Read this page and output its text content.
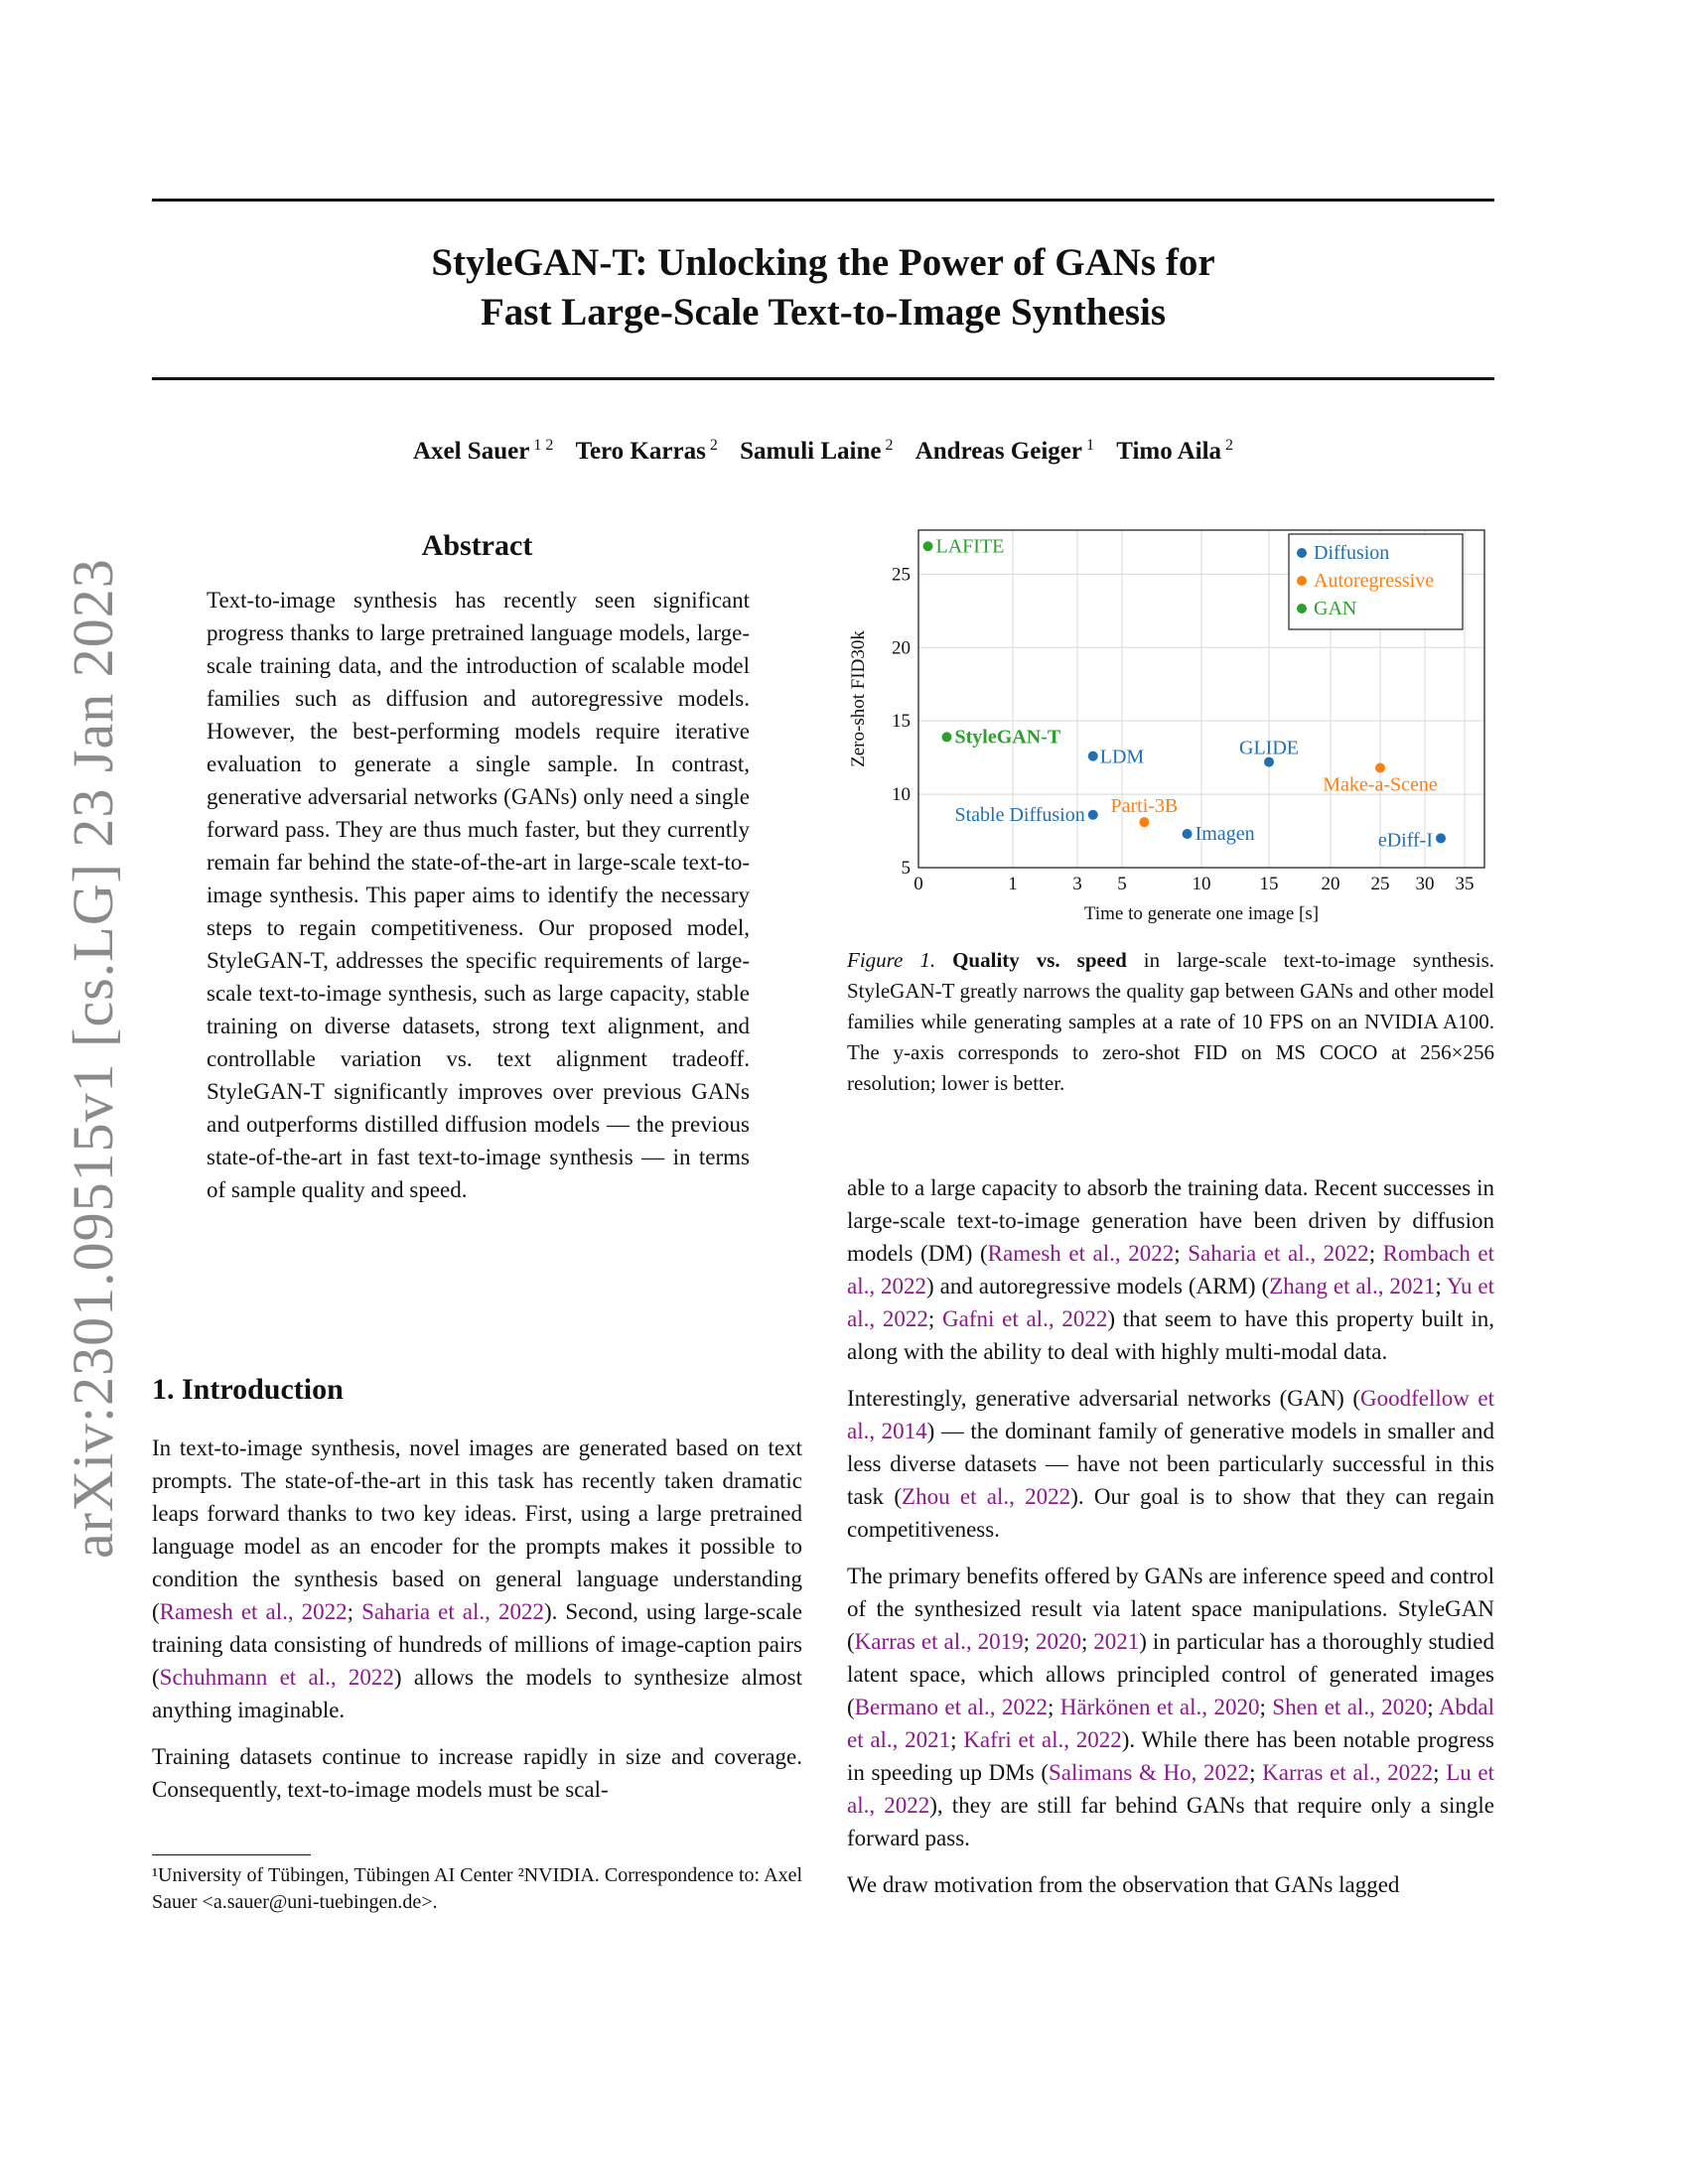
arXiv:2301.09515v1 [cs.LG] 23 Jan 2023
StyleGAN-T: Unlocking the Power of GANs for
Fast Large-Scale Text-to-Image Synthesis
Axel Sauer $^{1 2}$ Tero Karras $^2$ Samuli Laine $^2$ Andreas Geiger $^1$ Timo Aila $^2$
Abstract
Text-to-image synthesis has recently seen significant progress thanks to large pretrained language models, large-scale training data, and the introduction of scalable model families such as diffusion and autoregressive models. However, the best-performing models require iterative evaluation to generate a single sample. In contrast, generative adversarial networks (GANs) only need a single forward pass. They are thus much faster, but they currently remain far behind the state-of-the-art in large-scale text-to-image synthesis. This paper aims to identify the necessary steps to regain competitiveness. Our proposed model, StyleGAN-T, addresses the specific requirements of large-scale text-to-image synthesis, such as large capacity, stable training on diverse datasets, strong text alignment, and controllable variation vs. text alignment tradeoff. StyleGAN-T significantly improves over previous GANs and outperforms distilled diffusion models — the previous state-of-the-art in fast text-to-image synthesis — in terms of sample quality and speed.
1. Introduction

In text-to-image synthesis, novel images are generated based on text prompts. The state-of-the-art in this task has recently taken dramatic leaps forward thanks to two key ideas. First, using a large pretrained language model as an encoder for the prompts makes it possible to condition the synthesis based on general language understanding (Ramesh et al., 2022; Saharia et al., 2022). Second, using large-scale training data consisting of hundreds of millions of image-caption pairs (Schuhmann et al., 2022) allows the models to synthesize almost anything imaginable.

Training datasets continue to increase rapidly in size and coverage. Consequently, text-to-image models must be scal-

¹University of Tübingen, Tübingen AI Center ²NVIDIA. Correspondence to: Axel Sauer <a.sauer@uni-tuebingen.de>.
0	1	3 5	10	15 20 25 30 35
5
10
15
20
25
Time to generate one image [s]
Zero-shot FID30k	LDM	GLIDE
Stable Diffusion
Imagen	eDiff-I
Parti-3B
Make-a-Scene
LAFITE
StyleGAN-T
Diffusion
Autoregressive
GAN
Figure 1. Quality vs. speed in large-scale text-to-image synthesis. StyleGAN-T greatly narrows the quality gap between GANs and other model families while generating samples at a rate of 10 FPS on an NVIDIA A100. The y-axis corresponds to zero-shot FID on MS COCO at 256×256 resolution; lower is better.

able to a large capacity to absorb the training data. Recent successes in large-scale text-to-image generation have been driven by diffusion models (DM) (Ramesh et al., 2022; Saharia et al., 2022; Rombach et al., 2022) and autoregressive models (ARM) (Zhang et al., 2021; Yu et al., 2022; Gafni et al., 2022) that seem to have this property built in, along with the ability to deal with highly multi-modal data.

Interestingly, generative adversarial networks (GAN) (Goodfellow et al., 2014) — the dominant family of generative models in smaller and less diverse datasets — have not been particularly successful in this task (Zhou et al., 2022). Our goal is to show that they can regain competitiveness.

The primary benefits offered by GANs are inference speed and control of the synthesized result via latent space manipulations. StyleGAN (Karras et al., 2019; 2020; 2021) in particular has a thoroughly studied latent space, which allows principled control of generated images (Bermano et al., 2022; Härkönen et al., 2020; Shen et al., 2020; Abdal et al., 2021; Kafri et al., 2022). While there has been notable progress in speeding up DMs (Salimans & Ho, 2022; Karras et al., 2022; Lu et al., 2022), they are still far behind GANs that require only a single forward pass.

We draw motivation from the observation that GANs lagged
